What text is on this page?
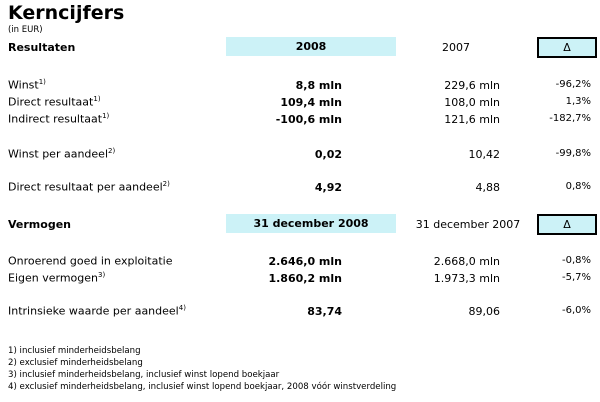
Kerncijfers
(in EUR)
Resultaten	2008	2007	Δ
Winst$^{1)}$	8,8 mln	229,6 mln	-96,2%
Direct resultaat$^{1)}$	109,4 mln	108,0 mln	1,3%
Indirect resultaat$^{1)}$	-100,6 mln	121,6 mln	-182,7%
Winst per aandeel$^{2)}$	0,02	10,42	-99,8%
Direct resultaat per aandeel$^{2)}$	4,92	4,88	0,8%
Vermogen	31 december 2008	31 december 2007	Δ
Onroerend goed in exploitatie	2.646,0 mln	2.668,0 mln	-0,8%
Eigen vermogen$^{3)}$	1.860,2 mln	1.973,3 mln	-5,7%
Intrinsieke waarde per aandeel$^{4)}$	83,74	89,06	-6,0%
1) inclusief minderheidsbelang
2) exclusief minderheidsbelang
3) inclusief minderheidsbelang, inclusief winst lopend boekjaar
4) exclusief minderheidsbelang, inclusief winst lopend boekjaar, 2008 vóór winstverdeling
